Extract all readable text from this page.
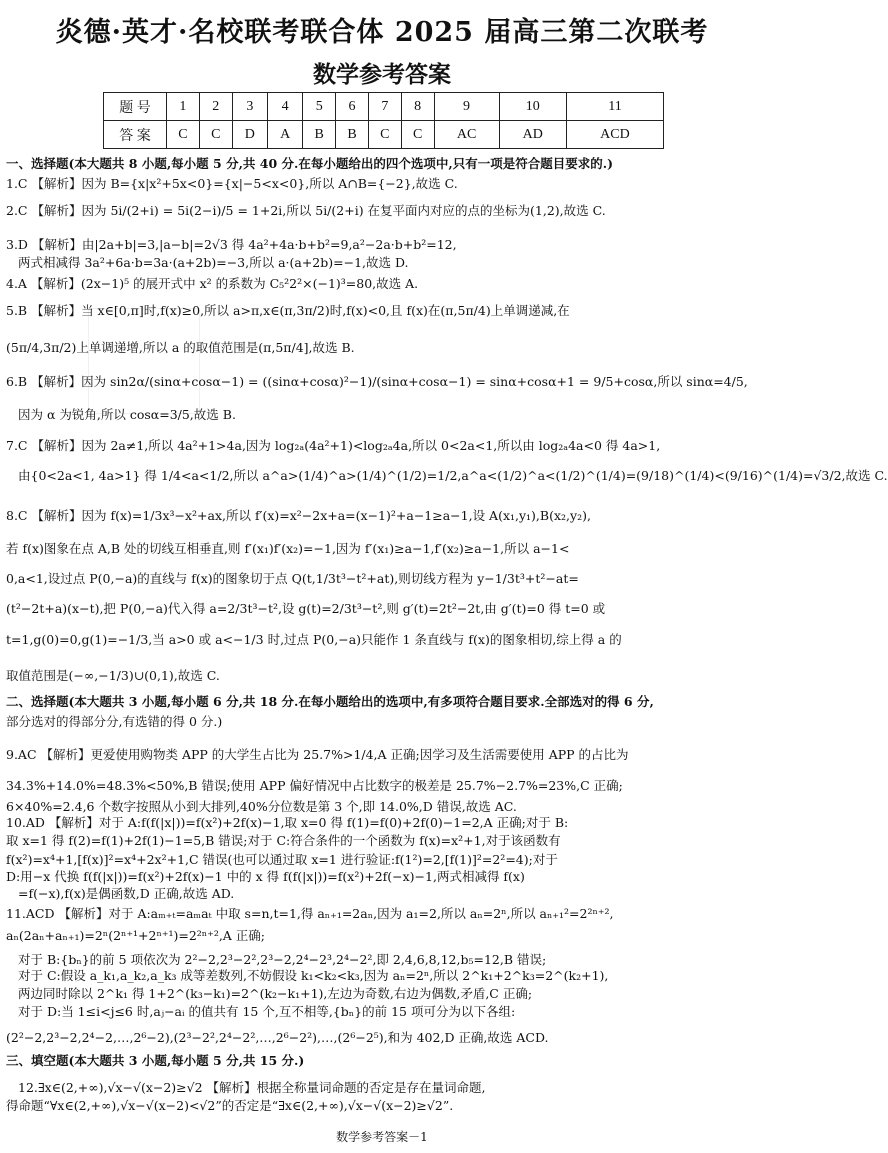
炎德·英才·名校联考联合体 2025 届高三第二次联考
数学参考答案
题 号	1	2	3	4	5	6	7	8	9	10	11
答 案	C	C	D	A	B	B	C	C	AC	AD	ACD

一、选择题(本大题共 8 小题,每小题 5 分,共 40 分.在每小题给出的四个选项中,只有一项是符合题目要求的.)

1.C 【解析】因为 B={x|x²+5x<0}={x|−5<x<0},所以 A∩B={−2},故选 C.

2.C 【解析】因为 5i/(2+i) = 5i(2−i)/5 = 1+2i,所以 5i/(2+i) 在复平面内对应的点的坐标为(1,2),故选 C.

3.D 【解析】由|2a+b|=3,|a−b|=2√3 得 4a²+4a·b+b²=9,a²−2a·b+b²=12,

两式相减得 3a²+6a·b=3a·(a+2b)=−3,所以 a·(a+2b)=−1,故选 D.

4.A 【解析】(2x−1)⁵ 的展开式中 x² 的系数为 C₅²2²×(−1)³=80,故选 A.

5.B 【解析】当 x∈[0,π]时,f(x)≥0,所以 a>π,x∈(π,3π/2)时,f(x)<0,且 f(x)在(π,5π/4)上单调递减,在

(5π/4,3π/2)上单调递增,所以 a 的取值范围是(π,5π/4],故选 B.

6.B 【解析】因为 sin2α/(sinα+cosα−1) = ((sinα+cosα)²−1)/(sinα+cosα−1) = sinα+cosα+1 = 9/5+cosα,所以 sinα=4/5,

因为 α 为锐角,所以 cosα=3/5,故选 B.

7.C 【解析】因为 2a≠1,所以 4a²+1>4a,因为 log₂ₐ(4a²+1)<log₂ₐ4a,所以 0<2a<1,所以由 log₂ₐ4a<0 得 4a>1,

由{0<2a<1, 4a>1} 得 1/4<a<1/2,所以 a^a>(1/4)^a>(1/4)^(1/2)=1/2,a^a<(1/2)^a<(1/2)^(1/4)=(9/18)^(1/4)<(9/16)^(1/4)=√3/2,故选 C.

8.C 【解析】因为 f(x)=1/3x³−x²+ax,所以 f′(x)=x²−2x+a=(x−1)²+a−1≥a−1,设 A(x₁,y₁),B(x₂,y₂),

若 f(x)图象在点 A,B 处的切线互相垂直,则 f′(x₁)f′(x₂)=−1,因为 f′(x₁)≥a−1,f′(x₂)≥a−1,所以 a−1<

0,a<1,设过点 P(0,−a)的直线与 f(x)的图象切于点 Q(t,1/3t³−t²+at),则切线方程为 y−1/3t³+t²−at=

(t²−2t+a)(x−t),把 P(0,−a)代入得 a=2/3t³−t²,设 g(t)=2/3t³−t²,则 g′(t)=2t²−2t,由 g′(t)=0 得 t=0 或

t=1,g(0)=0,g(1)=−1/3,当 a>0 或 a<−1/3 时,过点 P(0,−a)只能作 1 条直线与 f(x)的图象相切,综上得 a 的

取值范围是(−∞,−1/3)∪(0,1),故选 C.

二、选择题(本大题共 3 小题,每小题 6 分,共 18 分.在每小题给出的选项中,有多项符合题目要求.全部选对的得 6 分,

部分选对的得部分分,有选错的得 0 分.)

9.AC 【解析】更爱使用购物类 APP 的大学生占比为 25.7%>1/4,A 正确;因学习及生活需要使用 APP 的占比为

34.3%+14.0%=48.3%<50%,B 错误;使用 APP 偏好情况中占比数字的极差是 25.7%−2.7%=23%,C 正确;

6×40%=2.4,6 个数字按照从小到大排列,40%分位数是第 3 个,即 14.0%,D 错误,故选 AC.

10.AD 【解析】对于 A:f(f(|x|))=f(x²)+2f(x)−1,取 x=0 得 f(1)=f(0)+2f(0)−1=2,A 正确;对于 B:

取 x=1 得 f(2)=f(1)+2f(1)−1=5,B 错误;对于 C:符合条件的一个函数为 f(x)=x²+1,对于该函数有

f(x²)=x⁴+1,[f(x)]²=x⁴+2x²+1,C 错误(也可以通过取 x=1 进行验证:f(1²)=2,[f(1)]²=2²=4);对于

D:用−x 代换 f(f(|x|))=f(x²)+2f(x)−1 中的 x 得 f(f(|x|))=f(x²)+2f(−x)−1,两式相减得 f(x)

=f(−x),f(x)是偶函数,D 正确,故选 AD.

11.ACD 【解析】对于 A:aₘ₊ₜ=aₘaₜ 中取 s=n,t=1,得 aₙ₊₁=2aₙ,因为 a₁=2,所以 aₙ=2ⁿ,所以 aₙ₊₁²=2²ⁿ⁺²,

aₙ(2aₙ+aₙ₊₁)=2ⁿ(2ⁿ⁺¹+2ⁿ⁺¹)=2²ⁿ⁺²,A 正确;

对于 B:{bₙ}的前 5 项依次为 2²−2,2³−2²,2³−2,2⁴−2³,2⁴−2²,即 2,4,6,8,12,b₅=12,B 错误;

对于 C:假设 a_k₁,a_k₂,a_k₃ 成等差数列,不妨假设 k₁<k₂<k₃,因为 aₙ=2ⁿ,所以 2^k₁+2^k₃=2^(k₂+1),

两边同时除以 2^k₁ 得 1+2^(k₃−k₁)=2^(k₂−k₁+1),左边为奇数,右边为偶数,矛盾,C 正确;

对于 D:当 1≤i<j≤6 时,aⱼ−aᵢ 的值共有 15 个,互不相等,{bₙ}的前 15 项可分为以下各组:

(2²−2,2³−2,2⁴−2,…,2⁶−2),(2³−2²,2⁴−2²,…,2⁶−2²),…,(2⁶−2⁵),和为 402,D 正确,故选 ACD.

三、填空题(本大题共 3 小题,每小题 5 分,共 15 分.)

12.∃x∈(2,+∞),√x−√(x−2)≥√2 【解析】根据全称量词命题的否定是存在量词命题,

得命题“∀x∈(2,+∞),√x−√(x−2)<√2”的否定是“∃x∈(2,+∞),√x−√(x−2)≥√2”.

数学参考答案－1
